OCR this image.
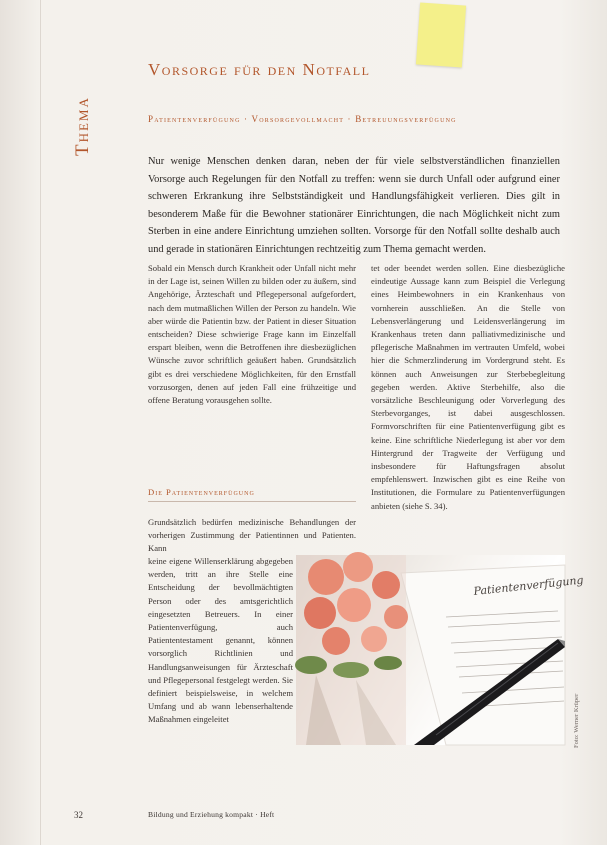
Thema
Vorsorge für den Notfall
Patientenverfügung · Vorsorgevollmacht · Betreuungsverfügung

Nur wenige Menschen denken daran, neben der für viele selbstverständlichen finanziellen Vorsorge auch Regelungen für den Notfall zu treffen: wenn sie durch Unfall oder aufgrund einer schweren Erkrankung ihre Selbstständigkeit und Handlungsfähigkeit verlieren. Dies gilt in besonderem Maße für die Bewohner stationärer Einrichtungen, die nach Möglichkeit nicht zum Sterben in eine andere Einrichtung umziehen sollten. Vorsorge für den Notfall sollte deshalb auch und gerade in stationären Einrichtungen rechtzeitig zum Thema gemacht werden.

Sobald ein Mensch durch Krankheit oder Unfall nicht mehr in der Lage ist, seinen Willen zu bilden oder zu äußern, sind Angehörige, Ärzteschaft und Pflegepersonal aufgefordert, nach dem mutmaßlichen Willen der Person zu handeln. Wie aber würde die Patientin bzw. der Patient in dieser Situation entscheiden? Diese schwierige Frage kann im Einzelfall erspart bleiben, wenn die Betroffenen ihre diesbezüglichen Wünsche zuvor schriftlich geäußert haben. Grundsätzlich gibt es drei verschiedene Möglichkeiten, für den Ernstfall vorzusorgen, denen auf jeden Fall eine frühzeitige und offene Beratung vorausgehen sollte.

Die Patientenverfügung

Grundsätzlich bedürfen medizinische Behandlungen der vorherigen Zustimmung der Patientinnen und Patienten. Kann

keine eigene Willenserklärung abgegeben werden, tritt an ihre Stelle eine Entscheidung der bevollmächtigten Person oder des amtsgerichtlich eingesetzten Betreuers. In einer Patientenverfügung, auch Patiententestament genannt, können vorsorglich Richtlinien und Handlungsanweisungen für Ärzteschaft und Pflegepersonal festgelegt werden. Sie definiert beispielsweise, in welchem Umfang und ab wann lebenserhaltende Maßnahmen eingeleitet

tet oder beendet werden sollen. Eine diesbezügliche eindeutige Aussage kann zum Beispiel die Verlegung eines Heimbewohners in ein Krankenhaus von vornherein ausschließen. An die Stelle von Lebensverlängerung und Leidensverlängerung im Krankenhaus treten dann palliativmedizinische und pflegerische Maßnahmen im vertrauten Umfeld, wobei hier die Schmerzlinderung im Vordergrund steht. Es können auch Anweisungen zur Sterbebegleitung gegeben werden. Aktive Sterbehilfe, also die vorsätzliche Beschleunigung oder Vorverlegung des Sterbevorganges, ist dabei ausgeschlossen. Formvorschriften für eine Patientenverfügung gibt es keine. Eine schriftliche Niederlegung ist aber vor dem Hintergrund der Tragweite der Verfügung und insbesondere für Haftungsfragen absolut empfehlenswert. Inzwischen gibt es eine Reihe von Institutionen, die Formulare zu Patientenverfügungen anbieten (siehe S. 34).

Patientenverfügung
Foto: Werner Krüper
32	Bildung und Erziehung kompakt · Heft
